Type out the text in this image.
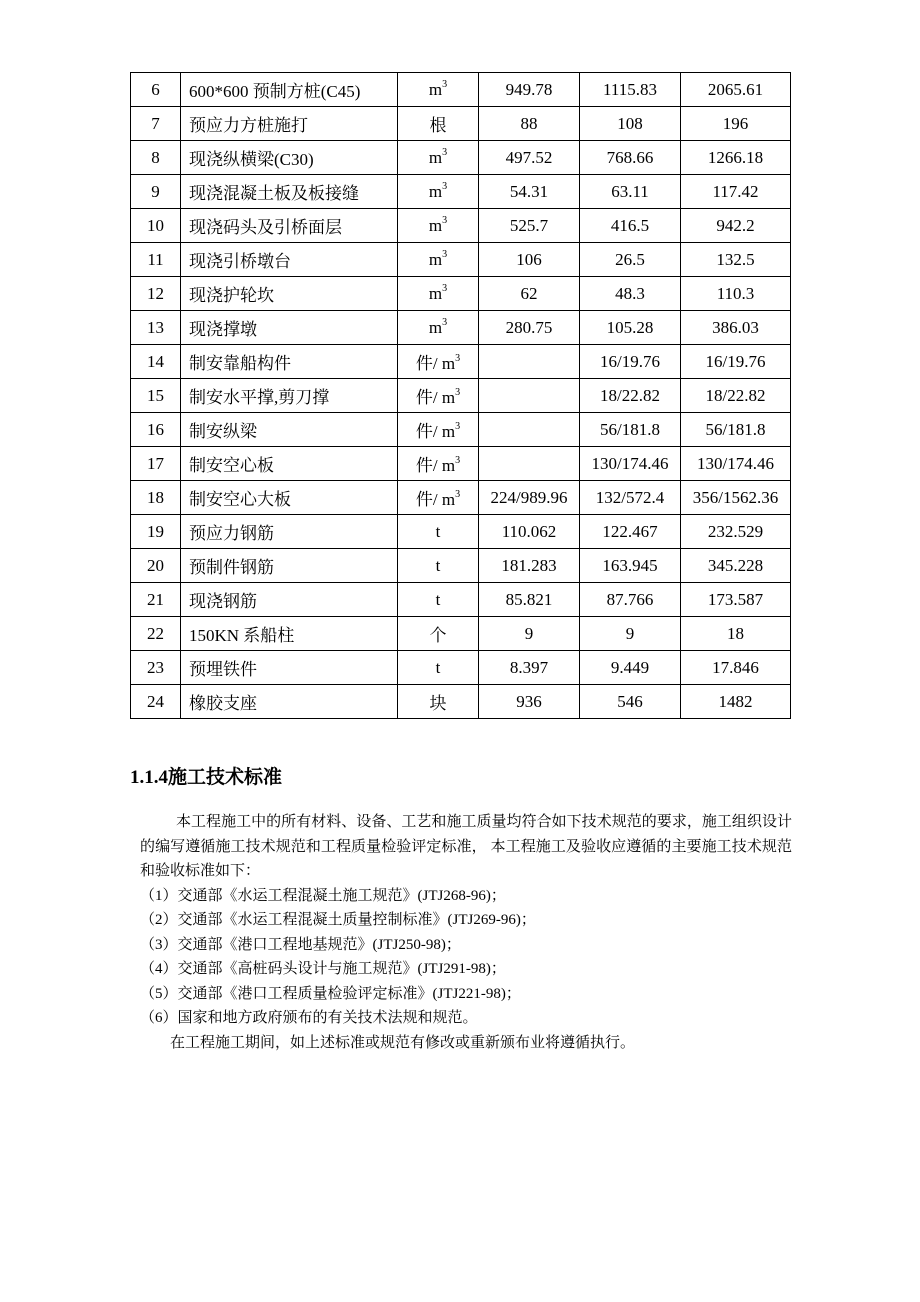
6	600*600 预制方桩(C45)	$m^3$	949.78	1115.83	2065.61
7	预应力方桩施打	根	88	108	196
8	现浇纵横梁(C30)	$m^3$	497.52	768.66	1266.18
9	现浇混凝土板及板接缝	$m^3$	54.31	63.11	117.42
10	现浇码头及引桥面层	$m^3$	525.7	416.5	942.2
11	现浇引桥墩台	$m^3$	106	26.5	132.5
12	现浇护轮坎	$m^3$	62	48.3	110.3
13	现浇撑墩	$m^3$	280.75	105.28	386.03
14	制安靠船构件	件/ $m^3$		16/19.76	16/19.76
15	制安水平撑,剪刀撑	件/ $m^3$		18/22.82	18/22.82
16	制安纵梁	件/ $m^3$		56/181.8	56/181.8
17	制安空心板	件/ $m^3$		130/174.46	130/174.46
18	制安空心大板	件/ $m^3$	224/989.96	132/572.4	356/1562.36
19	预应力钢筋	t	110.062	122.467	232.529
20	预制件钢筋	t	181.283	163.945	345.228
21	现浇钢筋	t	85.821	87.766	173.587
22	150KN 系船柱	个	9	9	18
23	预埋铁件	t	8.397	9.449	17.846
24	橡胶支座	块	936	546	1482
1.1.4施工技术标准

本工程施工中的所有材料、设备、工艺和施工质量均符合如下技术规范的要求，施工组织设计的编写遵循施工技术规范和工程质量检验评定标准， 本工程施工及验收应遵循的主要施工技术规范和验收标准如下：

（1）交通部《水运工程混凝土施工规范》(JTJ268-96)；
（2）交通部《水运工程混凝土质量控制标准》(JTJ269-96)；
（3）交通部《港口工程地基规范》(JTJ250-98)；
（4）交通部《高桩码头设计与施工规范》(JTJ291-98)；
（5）交通部《港口工程质量检验评定标准》(JTJ221-98)；
（6）国家和地方政府颁布的有关技术法规和规范。

在工程施工期间，如上述标准或规范有修改或重新颁布业将遵循执行。
